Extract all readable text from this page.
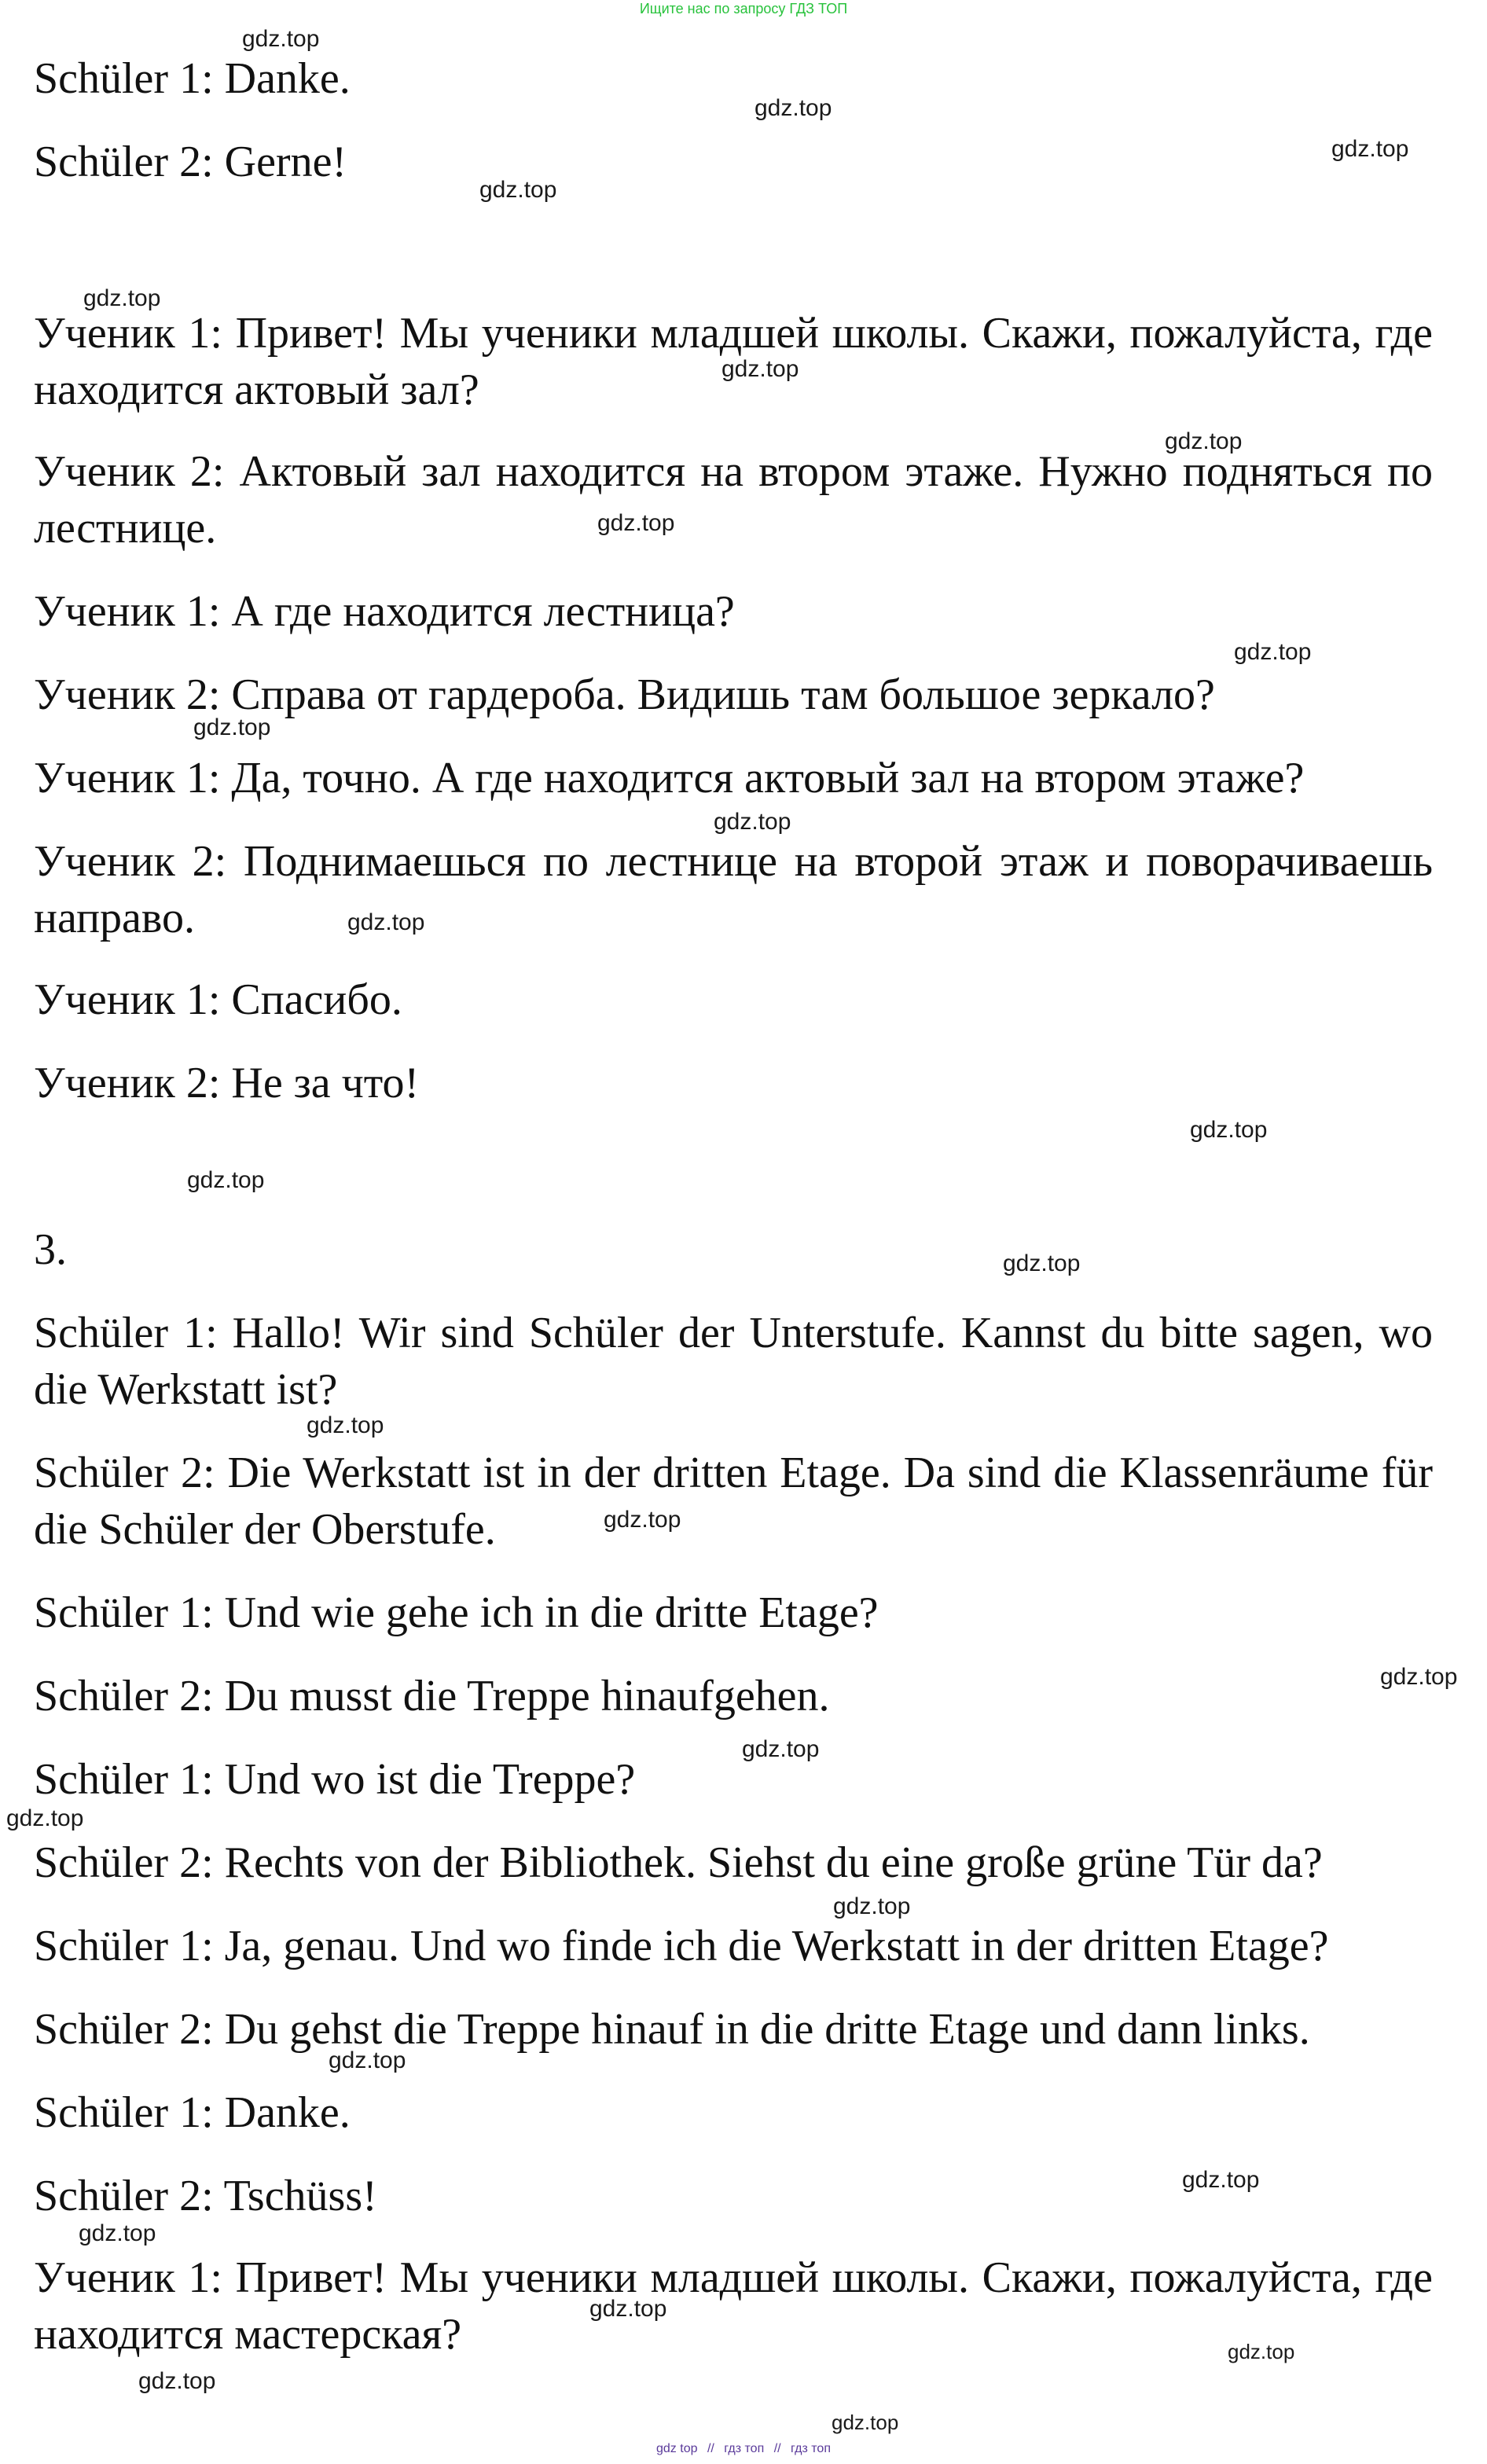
Ищите нас по запросу ГДЗ ТОП

Schüler 1: Danke.

Schüler 2: Gerne!

Ученик 1: Привет! Мы ученики младшей школы. Скажи, пожалуйста, где находится актовый зал?

Ученик 2: Актовый зал находится на втором этаже. Нужно подняться по лестнице.

Ученик 1: А где находится лестница?

Ученик 2: Справа от гардероба. Видишь там большое зеркало?

Ученик 1: Да, точно. А где находится актовый зал на втором этаже?

Ученик 2: Поднимаешься по лестнице на второй этаж и поворачиваешь направо.

Ученик 1: Спасибо.

Ученик 2: Не за что!

3.

Schüler 1: Hallo! Wir sind Schüler der Unterstufe. Kannst du bitte sagen, wo die Werkstatt ist?

Schüler 2: Die Werkstatt ist in der dritten Etage. Da sind die Klassenräume für die Schüler der Oberstufe.

Schüler 1: Und wie gehe ich in die dritte Etage?

Schüler 2: Du musst die Treppe hinaufgehen.

Schüler 1: Und wo ist die Treppe?

Schüler 2: Rechts von der Bibliothek. Siehst du eine große grüne Tür da?

Schüler 1: Ja, genau. Und wo finde ich die Werkstatt in der dritten Etage?

Schüler 2: Du gehst die Treppe hinauf in die dritte Etage und dann links.

Schüler 1: Danke.

Schüler 2: Tschüss!

Ученик 1: Привет! Мы ученики младшей школы. Скажи, пожалуйста, где находится мастерская?

gdz.top
gdz.top
gdz.top
gdz.top
gdz.top
gdz.top
gdz.top
gdz.top
gdz.top
gdz.top
gdz.top
gdz.top
gdz.top
gdz.top
gdz.top
gdz.top
gdz.top
gdz.top
gdz.top
gdz.top
gdz.top
gdz.top
gdz.top
gdz.top
gdz.top
gdz.top
gdz.top
gdz.top
gdz top // гдз топ // гдз топ
